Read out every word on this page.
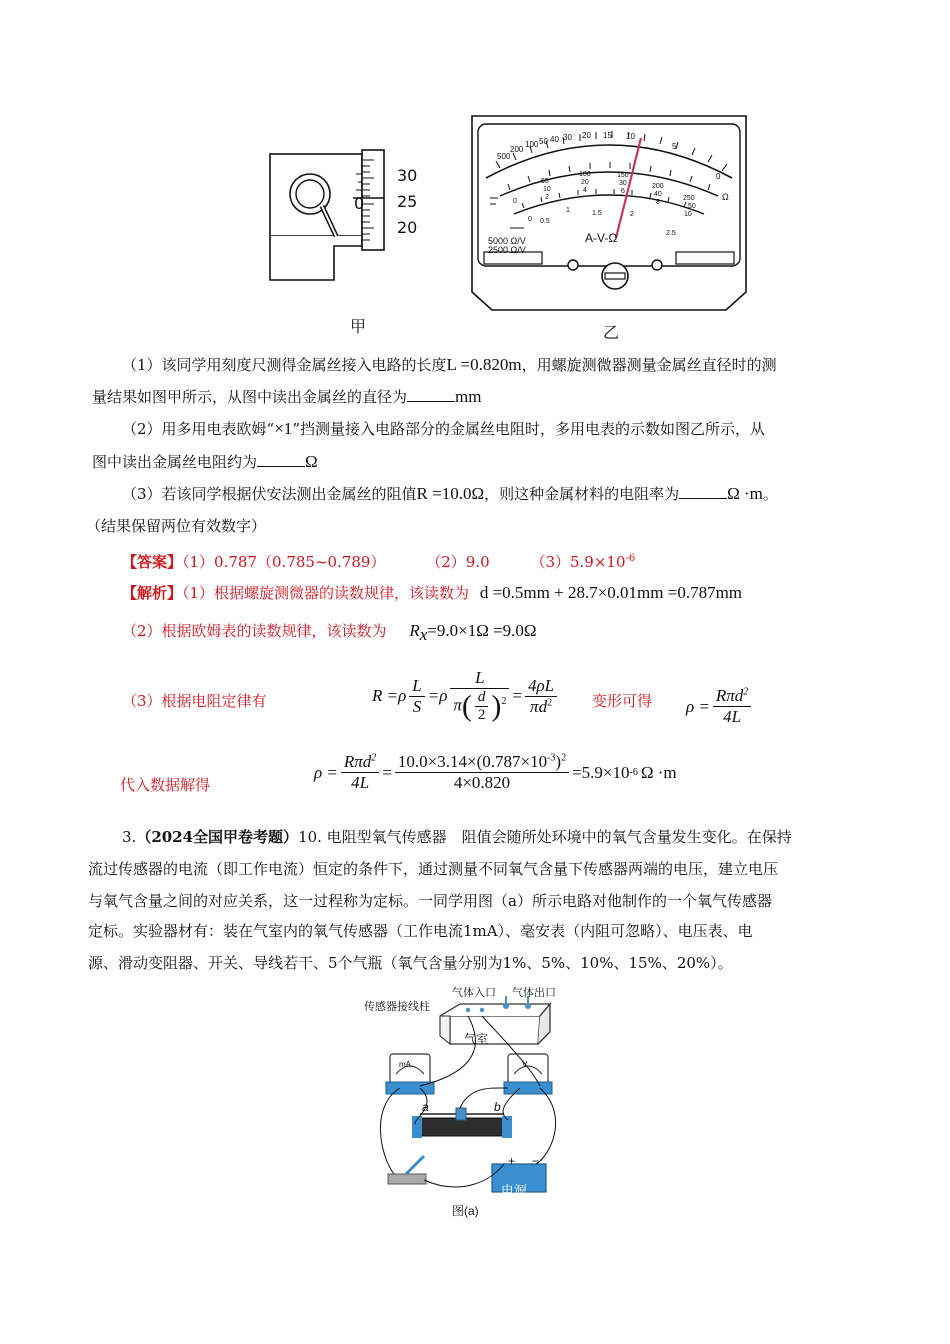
30
25
20
0
甲
500
200
100 50 40 30 20 15 10
5
0
Ω
250
50
10
200
40
8
150
30
6
100
20
4
50
10
2
0
0 0.5
1	1.5	2
2.5
A-V-Ω
5000 Ω/V
2500 Ω/V
乙
（1）该同学用刻度尺测得金属丝接入电路的长度L =0.820m，用螺旋测微器测量金属丝直径时的测
量结果如图甲所示，从图中读出金属丝的直径为	mm
（2）用多用电表欧姆“×1”挡测量接入电路部分的金属丝电阻时，多用电表的示数如图乙所示，从
图中读出金属丝电阻约为	Ω
（3）若该同学根据伏安法测出金属丝的阻值R =10.0Ω，则这种金属材料的电阻率为	Ω ·m。
（结果保留两位有效数字）
【答案】（1）0.787（0.785~0.789）	（2）9.0	$(3)5.9\times 10^{-6}$
【解析】（1）根据螺旋测微器的读数规律，该读数为 d =0.5mm + 28.7×0.01mm =0.787mm
（2）根据欧姆表的读数规律，该读数为 $R_x=9.0\times 1\Omega =9.0\Omega$
（3）根据电阻定律有	$R =\rho \frac{L}{S} =\rho \frac{L}{\pi( \frac{d}{2} )^2} = \frac{4\rho L}{\pi d^2}$ 变形可得 $\rho = \frac{R\pi d^2}{4L}$
代入数据解得
$\rho = \frac{R\pi d^2}{4L} = \frac{10.0\times 3.14\times(0.787\times 10^{-3})^2}{4\times 0.820} =5.9\times 10$ -6 Ω ·m
3.（2024全国甲卷考题）10. 电阻型氧气传感器　阻值会随所处环境中的氧气含量发生变化。在保持
流过传感器的电流（即工作电流）恒定的条件下，通过测量不同氧气含量下传感器两端的电压，建立电压
与氧气含量之间的对应关系，这一过程称为定标。一同学用图（a）所示电路对他制作的一个氧气传感器
定标。实验器材有：装在气室内的氧气传感器（工作电流1mA）、毫安表（内阻可忽略）、电压表、电
源、滑动变阻器、开关、导线若干、5个气瓶（氧气含量分别为1%、5%、10%、15%、20%）。
气体入口 气体出口
传感器接线柱
气室
mA	V
a	b
+ −
电源
图(a)
